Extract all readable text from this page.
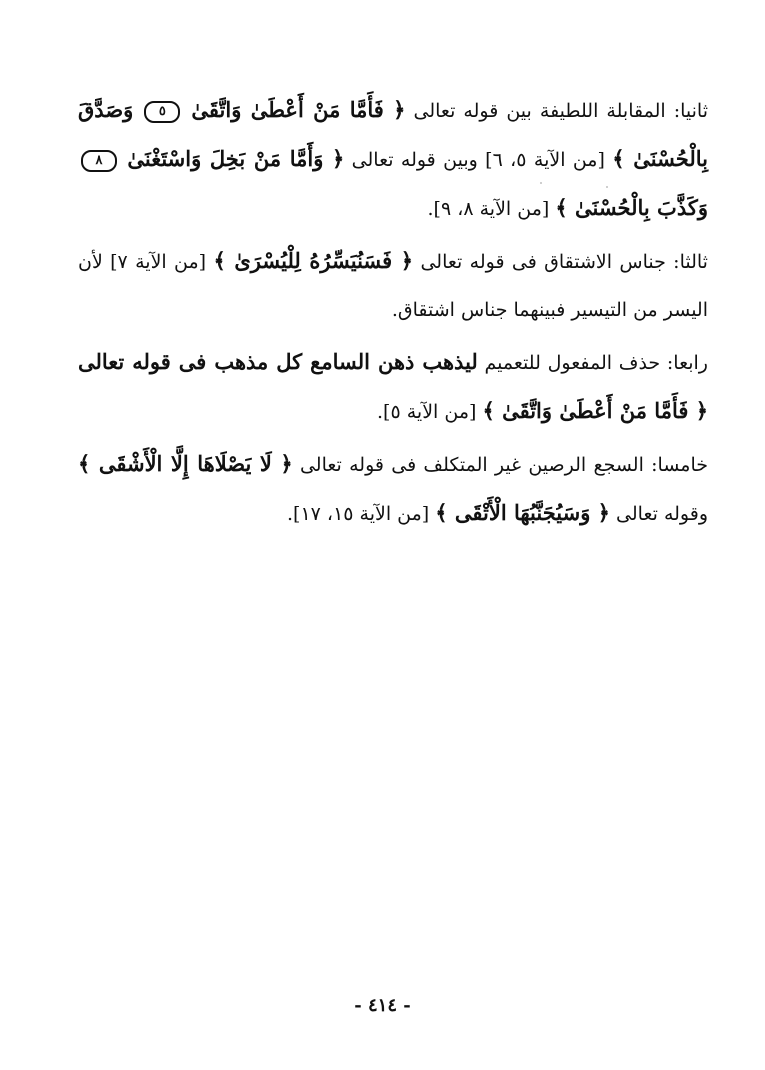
ثانيا: المقابلة اللطيفة بين قوله تعالى ﴿ فَأَمَّا مَنْ أَعْطَىٰ وَاتَّقَىٰ ٥ وَصَدَّقَ بِالْحُسْنَىٰ ﴾ [من الآية ٥، ٦] وبين قوله تعالى ﴿ وَأَمَّا مَنْ بَخِلَ وَاسْتَغْنَىٰ ٨ وَكَذَّبَ بِالْحُسْنَىٰ ﴾ [من الآية ٨، ٩].

ثالثا: جناس الاشتقاق فى قوله تعالى ﴿ فَسَنُيَسِّرُهُ لِلْيُسْرَىٰ ﴾ [من الآية ٧] لأن اليسر من التيسير فبينهما جناس اشتقاق.

رابعا: حذف المفعول للتعميم ليذهب ذهن السامع كل مذهب فى قوله تعالى ﴿ فَأَمَّا مَنْ أَعْطَىٰ وَاتَّقَىٰ ﴾ [من الآية ٥].

خامسا: السجع الرصين غير المتكلف فى قوله تعالى ﴿ لَا يَصْلَاهَا إِلَّا الْأَشْقَى ﴾ وقوله تعالى ﴿ وَسَيُجَنَّبُهَا الْأَتْقَى ﴾ [من الآية ١٥، ١٧].

- ٤١٤ -
